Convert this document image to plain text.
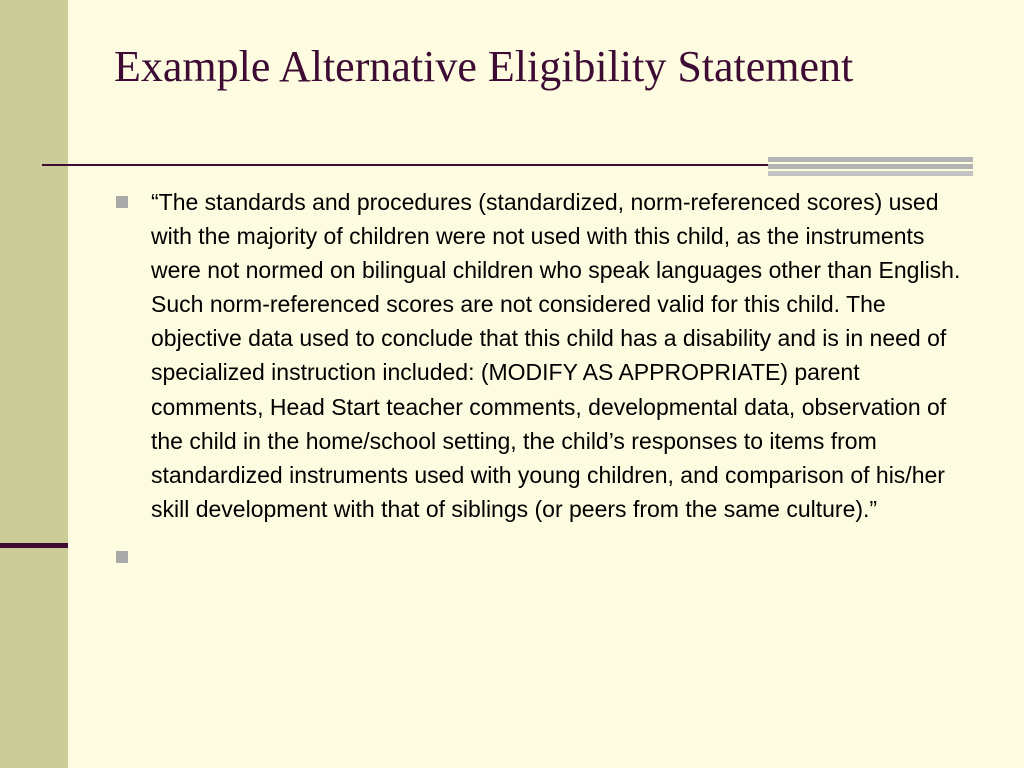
Example Alternative Eligibility Statement
“The standards and procedures (standardized, norm-referenced scores) used with the majority of children were not used with this child, as the instruments were not normed on bilingual children who speak languages other than English. Such norm-referenced scores are not considered valid for this child. The objective data used to conclude that this child has a disability and is in need of specialized instruction included: (MODIFY AS APPROPRIATE) parent comments, Head Start teacher comments, developmental data, observation of the child in the home/school setting, the child’s responses to items from standardized instruments used with young children, and comparison of his/her skill development with that of siblings (or peers from the same culture).”
